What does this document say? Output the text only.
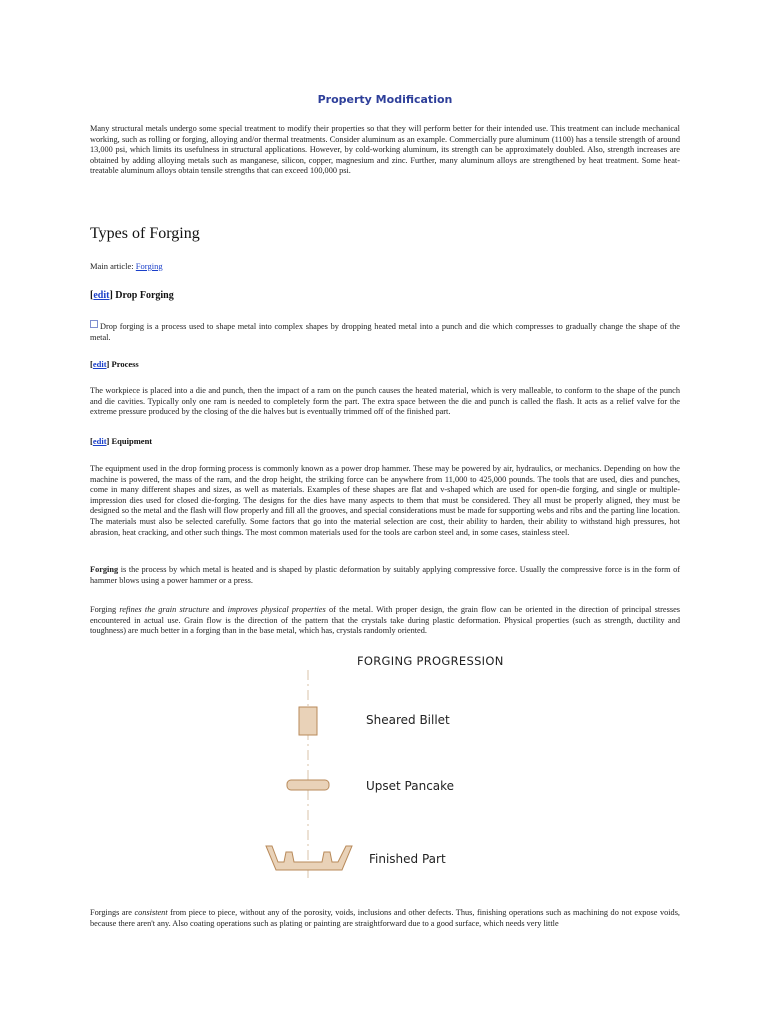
Property Modification

Many structural metals undergo some special treatment to modify their properties so that they will perform better for their intended use. This treatment can include mechanical working, such as rolling or forging, alloying and/or thermal treatments. Consider aluminum as an example. Commercially pure aluminum (1100) has a tensile strength of around 13,000 psi, which limits its usefulness in structural applications. However, by cold-working aluminum, its strength can be approximately doubled. Also, strength increases are obtained by adding alloying metals such as manganese, silicon, copper, magnesium and zinc. Further, many aluminum alloys are strengthened by heat treatment. Some heat-treatable aluminum alloys obtain tensile strengths that can exceed 100,000 psi.

Types of Forging

Main article: Forging

[edit] Drop Forging

Drop forging is a process used to shape metal into complex shapes by dropping heated metal into a punch and die which compresses to gradually change the shape of the metal.

[edit] Process

The workpiece is placed into a die and punch, then the impact of a ram on the punch causes the heated material, which is very malleable, to conform to the shape of the punch and die cavities. Typically only one ram is needed to completely form the part. The extra space between the die and punch is called the flash. It acts as a relief valve for the extreme pressure produced by the closing of the die halves but is eventually trimmed off of the finished part.

[edit] Equipment

The equipment used in the drop forming process is commonly known as a power drop hammer. These may be powered by air, hydraulics, or mechanics. Depending on how the machine is powered, the mass of the ram, and the drop height, the striking force can be anywhere from 11,000 to 425,000 pounds. The tools that are used, dies and punches, come in many different shapes and sizes, as well as materials. Examples of these shapes are flat and v-shaped which are used for open-die forging, and single or multiple-impression dies used for closed die-forging. The designs for the dies have many aspects to them that must be considered. They all must be properly aligned, they must be designed so the metal and the flash will flow properly and fill all the grooves, and special considerations must be made for supporting webs and ribs and the parting line location. The materials must also be selected carefully. Some factors that go into the material selection are cost, their ability to harden, their ability to withstand high pressures, hot abrasion, heat cracking, and other such things. The most common materials used for the tools are carbon steel and, in some cases, stainless steel.

Forging is the process by which metal is heated and is shaped by plastic deformation by suitably applying compressive force. Usually the compressive force is in the form of hammer blows using a power hammer or a press.

Forging refines the grain structure and improves physical properties of the metal. With proper design, the grain flow can be oriented in the direction of principal stresses encountered in actual use. Grain flow is the direction of the pattern that the crystals take during plastic deformation. Physical properties (such as strength, ductility and toughness) are much better in a forging than in the base metal, which has, crystals randomly oriented.

Forgings are consistent from piece to piece, without any of the porosity, voids, inclusions and other defects. Thus, finishing operations such as machining do not expose voids, because there aren't any. Also coating operations such as plating or painting are straightforward due to a good surface, which needs very little

FORGING PROGRESSION
Sheared Billet
Upset Pancake
Finished Part
